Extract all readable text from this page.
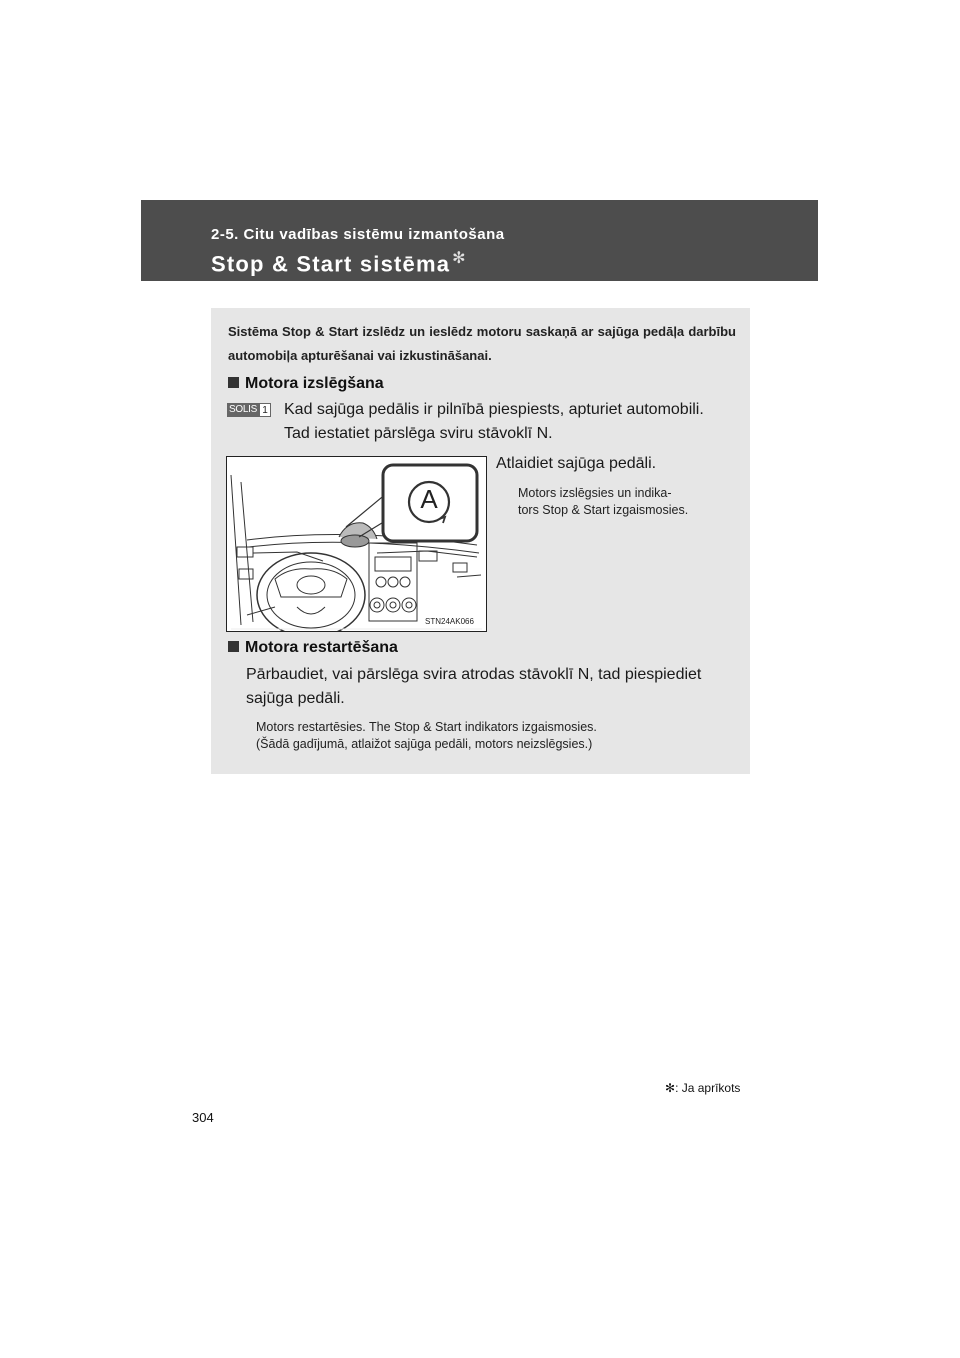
2-5. Citu vadības sistēmu izmantošana
Stop & Start sistēma ✻
Sistēma Stop & Start izslēdz un ieslēdz motoru saskaņā ar sajūga pedāļa darbību automobiļa apturēšanai vai izkustināšanai.
Motora izslēgšana
SOLIS 1 Kad sajūga pedālis ir pilnībā piespiests, apturiet automobili.
Tad iestatiet pārslēga sviru stāvoklī N.
Atlaidiet sajūga pedāli.
Motors izslēgsies un indika-
tors Stop & Start izgaismosies.
Motora restartēšana
Pārbaudiet, vai pārslēga svira atrodas stāvoklī N, tad piespiediet
sajūga pedāli.
Motors restartēsies. The Stop & Start indikators izgaismosies.
(Šādā gadījumā, atlaižot sajūga pedāli, motors neizslēgsies.)
A
STN24AK066
✻: Ja aprīkots
304
